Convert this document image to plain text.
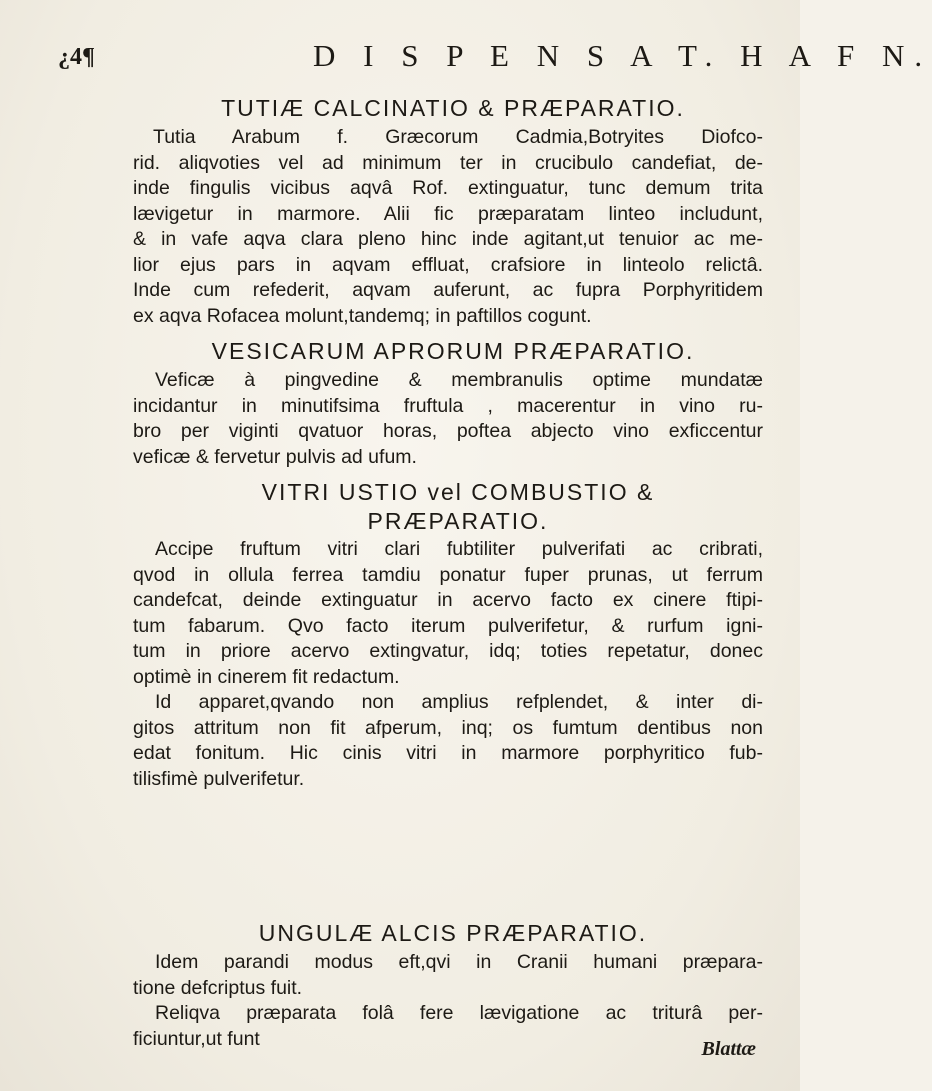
¿4¶	D I S P E N S A T. H A F N.
TUTIÆ CALCINATIO & PRÆPARATIO.
Tutia Arabum f. Græcorum Cadmia,Botryites Diofco-
rid. aliqvoties vel ad minimum ter in crucibulo candefiat, de-
inde fingulis vicibus aqvâ Rof. extinguatur, tunc demum trita
lævigetur in marmore. Alii fic præparatam linteo includunt,
& in vafe aqva clara pleno hinc inde agitant,ut tenuior ac me-
lior ejus pars in aqvam effluat, crafsiore in linteolo relictâ.
Inde cum refederit, aqvam auferunt, ac fupra Porphyritidem
ex aqva Rofacea molunt,tandemq; in paftillos cogunt.
VESICARUM APRORUM PRÆPARATIO.
Veficæ à pingvedine & membranulis optime mundatæ
incidantur in minutifsima fruftula , macerentur in vino ru-
bro per viginti qvatuor horas, poftea abjecto vino exficcentur
veficæ & fervetur pulvis ad ufum.
VITRI USTIO vel COMBUSTIO &
PRÆPARATIO.
Accipe fruftum vitri clari fubtiliter pulverifati ac cribrati,
qvod in ollula ferrea tamdiu ponatur fuper prunas, ut ferrum
candefcat, deinde extinguatur in acervo facto ex cinere ftipi-
tum fabarum. Qvo facto iterum pulverifetur, & rurfum igni-
tum in priore acervo extingvatur, idq; toties repetatur, donec
optimè in cinerem fit redactum.
Id apparet,qvando non amplius refplendet, & inter di-
gitos attritum non fit afperum, inq; os fumtum dentibus non
edat fonitum. Hic cinis vitri in marmore porphyritico fub-
tilisfimè pulverifetur.
UNGULÆ ALCIS PRÆPARATIO.
Idem parandi modus eft,qvi in Cranii humani præpara-
tione defcriptus fuit.
Reliqva præparata folâ fere lævigatione ac triturâ per-
ficiuntur,ut funt	Blattæ
